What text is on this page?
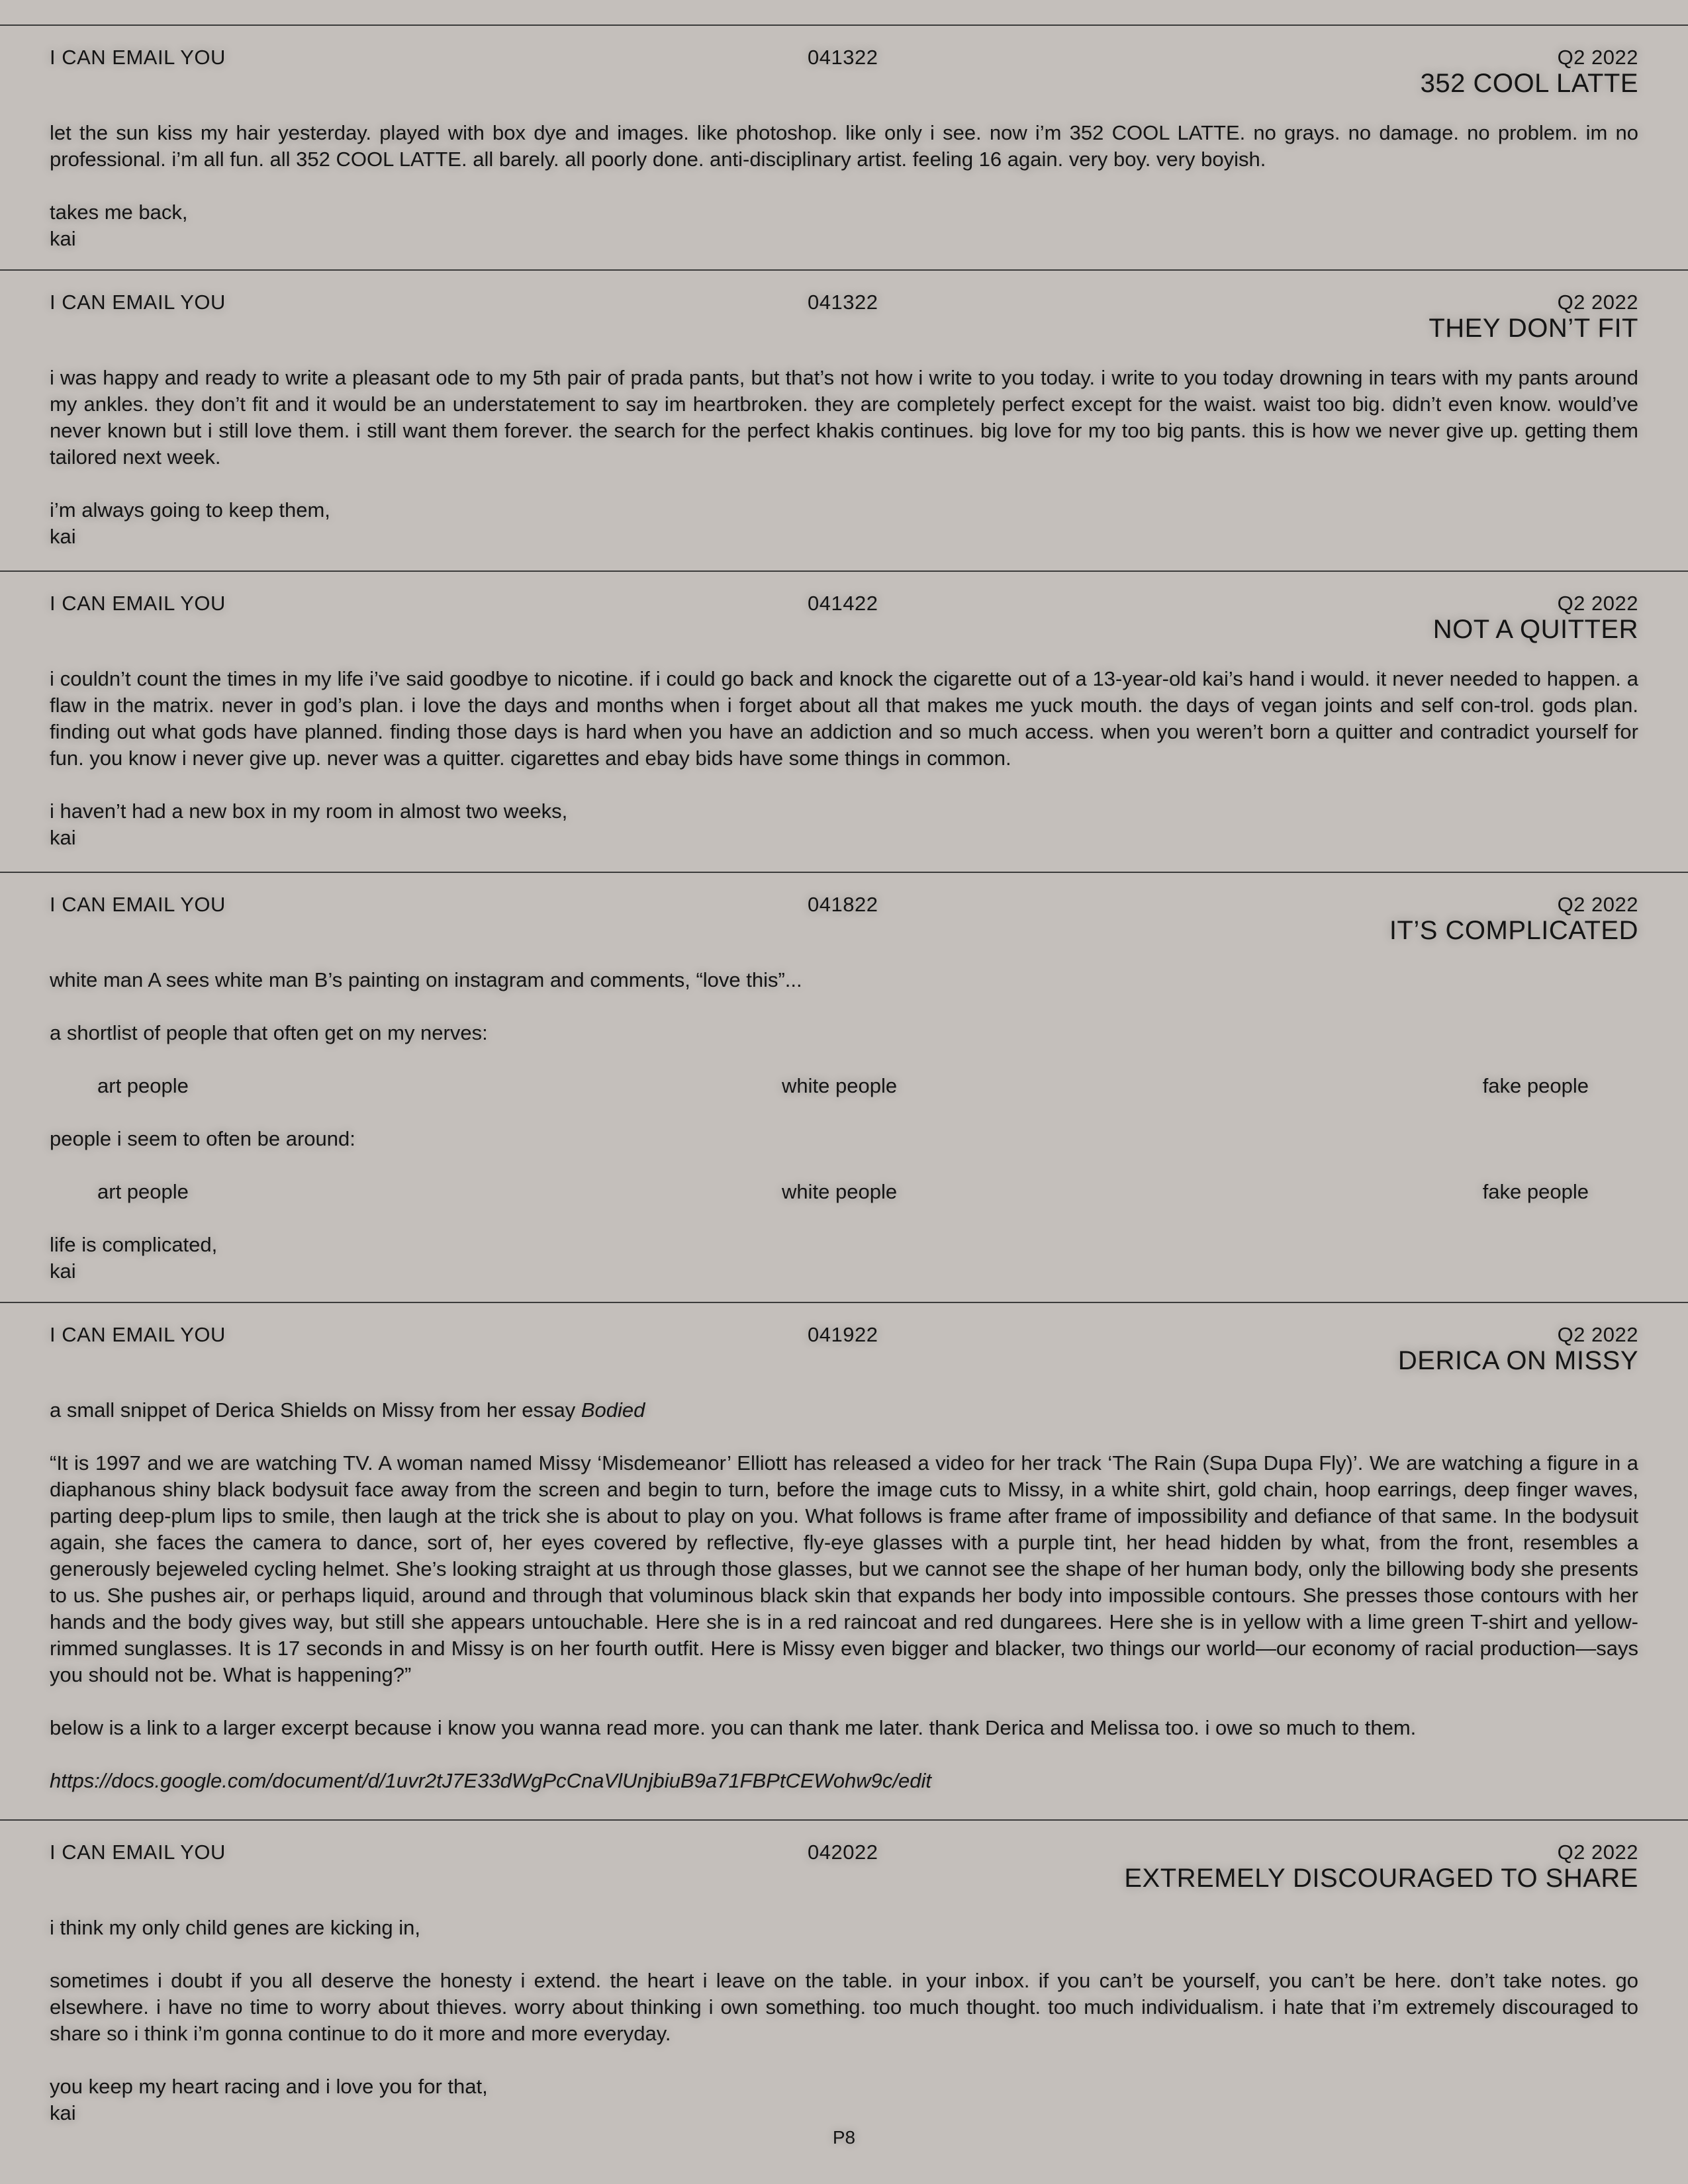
I CAN EMAIL YOU	041322	Q2 2022
352 COOL LATTE

let the sun kiss my hair yesterday. played with box dye and images. like photoshop. like only i see. now i’m 352 COOL LATTE. no grays. no damage. no problem. im no professional. i’m all fun. all 352 COOL LATTE. all barely. all poorly done. anti-disciplinary artist. feeling 16 again. very boy. very boyish.

takes me back,
kai
I CAN EMAIL YOU	041322	Q2 2022
THEY DON’T FIT

i was happy and ready to write a pleasant ode to my 5th pair of prada pants, but that’s not how i write to you today. i write to you today drowning in tears with my pants around my ankles. they don’t fit and it would be an understatement to say im heartbroken. they are completely perfect except for the waist. waist too big. didn’t even know. would’ve never known but i still love them. i still want them forever. the search for the perfect khakis continues. big love for my too big pants. this is how we never give up. getting them tailored next week.

i’m always going to keep them,
kai
I CAN EMAIL YOU	041422	Q2 2022
NOT A QUITTER

i couldn’t count the times in my life i’ve said goodbye to nicotine. if i could go back and knock the cigarette out of a 13-year-old kai’s hand i would. it never needed to happen. a flaw in the matrix. never in god’s plan. i love the days and months when i forget about all that makes me yuck mouth. the days of vegan joints and self con-trol. gods plan. finding out what gods have planned. finding those days is hard when you have an addiction and so much access. when you weren’t born a quitter and contradict yourself for fun. you know i never give up. never was a quitter. cigarettes and ebay bids have some things in common.

i haven’t had a new box in my room in almost two weeks,
kai
I CAN EMAIL YOU	041822	Q2 2022
IT’S COMPLICATED

white man A sees white man B’s painting on instagram and comments, “love this”...

a shortlist of people that often get on my nerves:

art people	white people	fake people

people i seem to often be around:

art people	white people	fake people
life is complicated,
kai
I CAN EMAIL YOU	041922	Q2 2022
DERICA ON MISSY

a small snippet of Derica Shields on Missy from her essay Bodied

“It is 1997 and we are watching TV. A woman named Missy ‘Misdemeanor’ Elliott has released a video for her track ‘The Rain (Supa Dupa Fly)’. We are watching a figure in a diaphanous shiny black bodysuit face away from the screen and begin to turn, before the image cuts to Missy, in a white shirt, gold chain, hoop earrings, deep finger waves, parting deep-plum lips to smile, then laugh at the trick she is about to play on you. What follows is frame after frame of impossibility and defiance of that same. In the bodysuit again, she faces the camera to dance, sort of, her eyes covered by reflective, fly-eye glasses with a purple tint, her head hidden by what, from the front, resembles a generously bejeweled cycling helmet. She’s looking straight at us through those glasses, but we cannot see the shape of her human body, only the billowing body she presents to us. She pushes air, or perhaps liquid, around and through that voluminous black skin that expands her body into impossible contours. She presses those contours with her hands and the body gives way, but still she appears untouchable. Here she is in a red raincoat and red dungarees. Here she is in yellow with a lime green T-shirt and yellow-rimmed sunglasses. It is 17 seconds in and Missy is on her fourth outfit. Here is Missy even bigger and blacker, two things our world—our economy of racial production—says you should not be. What is happening?”

below is a link to a larger excerpt because i know you wanna read more. you can thank me later. thank Derica and Melissa too. i owe so much to them.

https://docs.google.com/document/d/1uvr2tJ7E33dWgPcCnaVlUnjbiuB9a71FBPtCEWohw9c/edit

I CAN EMAIL YOU	042022	Q2 2022
EXTREMELY DISCOURAGED TO SHARE

i think my only child genes are kicking in,

sometimes i doubt if you all deserve the honesty i extend. the heart i leave on the table. in your inbox. if you can’t be yourself, you can’t be here. don’t take notes. go elsewhere. i have no time to worry about thieves. worry about thinking i own something. too much thought. too much individualism. i hate that i’m extremely discouraged to share so i think i’m gonna continue to do it more and more everyday.

you keep my heart racing and i love you for that,
kai
P8
